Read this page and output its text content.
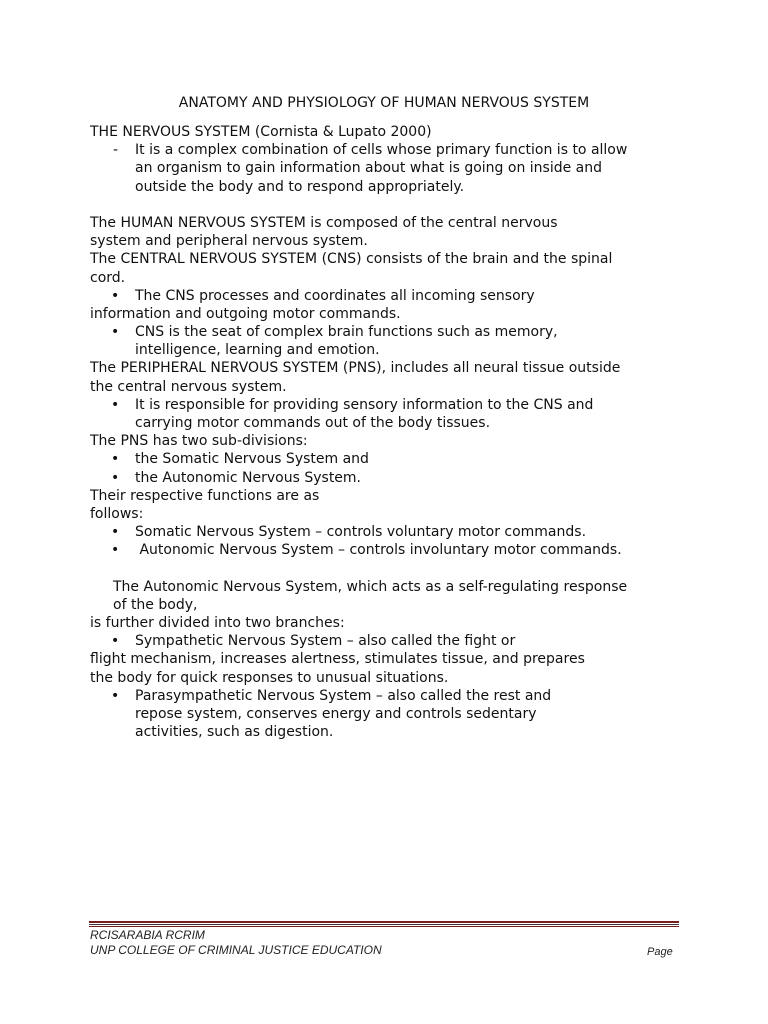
ANATOMY AND PHYSIOLOGY OF HUMAN NERVOUS SYSTEM
THE NERVOUS SYSTEM (Cornista & Lupato 2000)
- It is a complex combination of cells whose primary function is to allow
an organism to gain information about what is going on inside and
outside the body and to respond appropriately.
The HUMAN NERVOUS SYSTEM is composed of the central nervous
system and peripheral nervous system.
The CENTRAL NERVOUS SYSTEM (CNS) consists of the brain and the spinal
cord.
• The CNS processes and coordinates all incoming sensory
information and outgoing motor commands.
• CNS is the seat of complex brain functions such as memory,
intelligence, learning and emotion.
The PERIPHERAL NERVOUS SYSTEM (PNS), includes all neural tissue outside
the central nervous system.
• It is responsible for providing sensory information to the CNS and
carrying motor commands out of the body tissues.
The PNS has two sub-divisions:
• the Somatic Nervous System and
• the Autonomic Nervous System.
Their respective functions are as
follows:
• Somatic Nervous System – controls voluntary motor commands.
• Autonomic Nervous System – controls involuntary motor commands.
The Autonomic Nervous System, which acts as a self-regulating response
of the body,
is further divided into two branches:
• Sympathetic Nervous System – also called the fight or
flight mechanism, increases alertness, stimulates tissue, and prepares
the body for quick responses to unusual situations.
• Parasympathetic Nervous System – also called the rest and
repose system, conserves energy and controls sedentary
activities, such as digestion.
RCISARABIA RCRIM
UNP COLLEGE OF CRIMINAL JUSTICE EDUCATION	Page
